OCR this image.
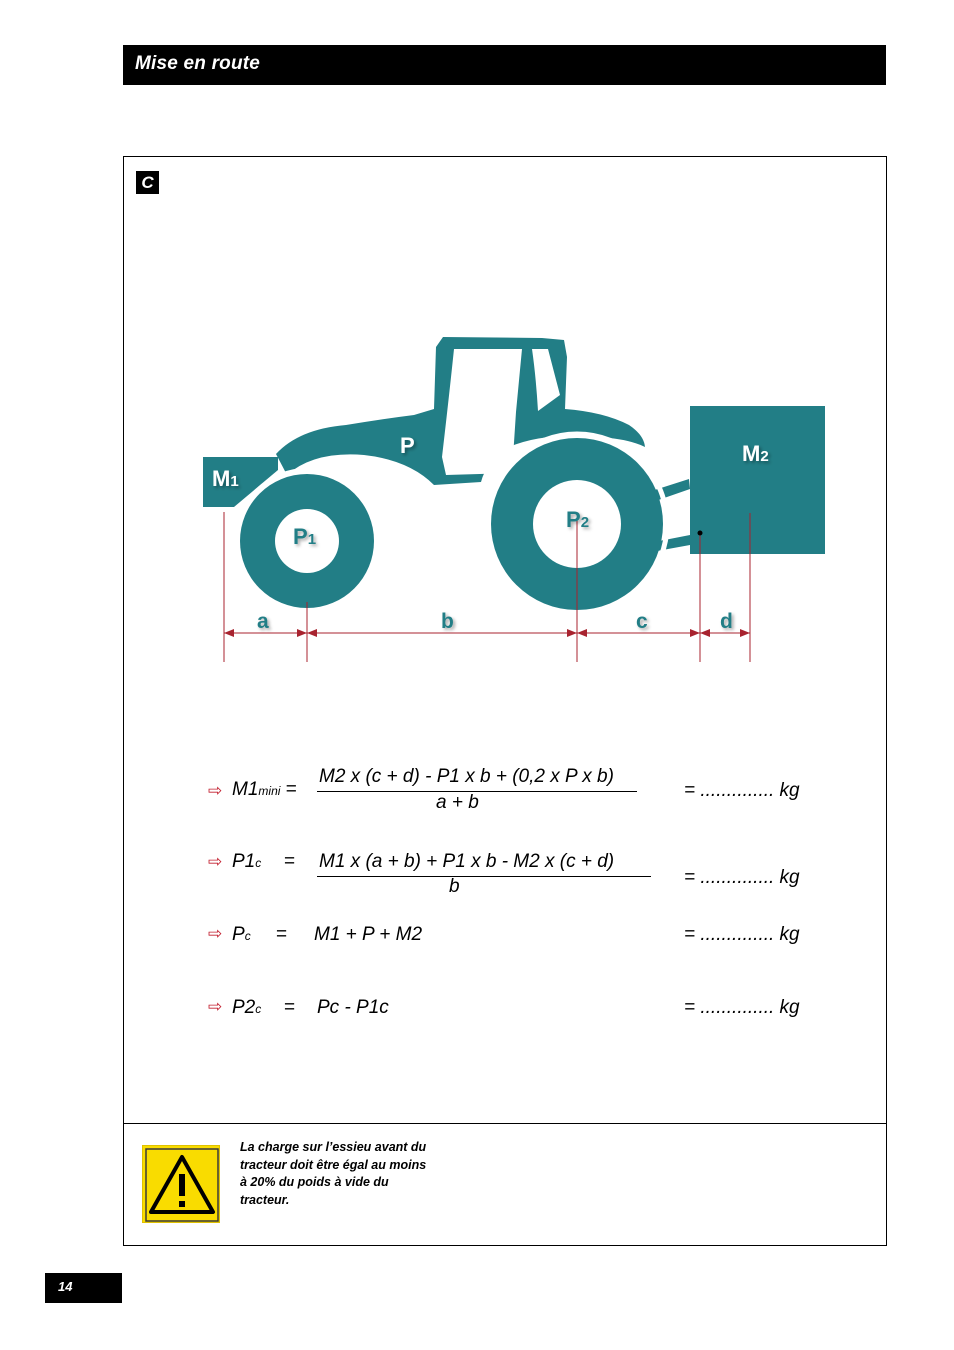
Mise en route
C
M1
P	M2
P1
P2
a	b	c	d
⇨ M1mini =
M2 x (c + d) - P1 x b + (0,2 x P x b)
a + b
= .............. kg
⇨ P1c = M1 x (a + b) + P1 x b - M2 x (c + d)
b	= .............. kg
⇨ Pc = M1 + P + M2	= .............. kg
⇨ P2c = Pc - P1c	= .............. kg
La charge sur l’essieu avant du tracteur doit être égal au moins à 20% du poids à vide du tracteur.
14
